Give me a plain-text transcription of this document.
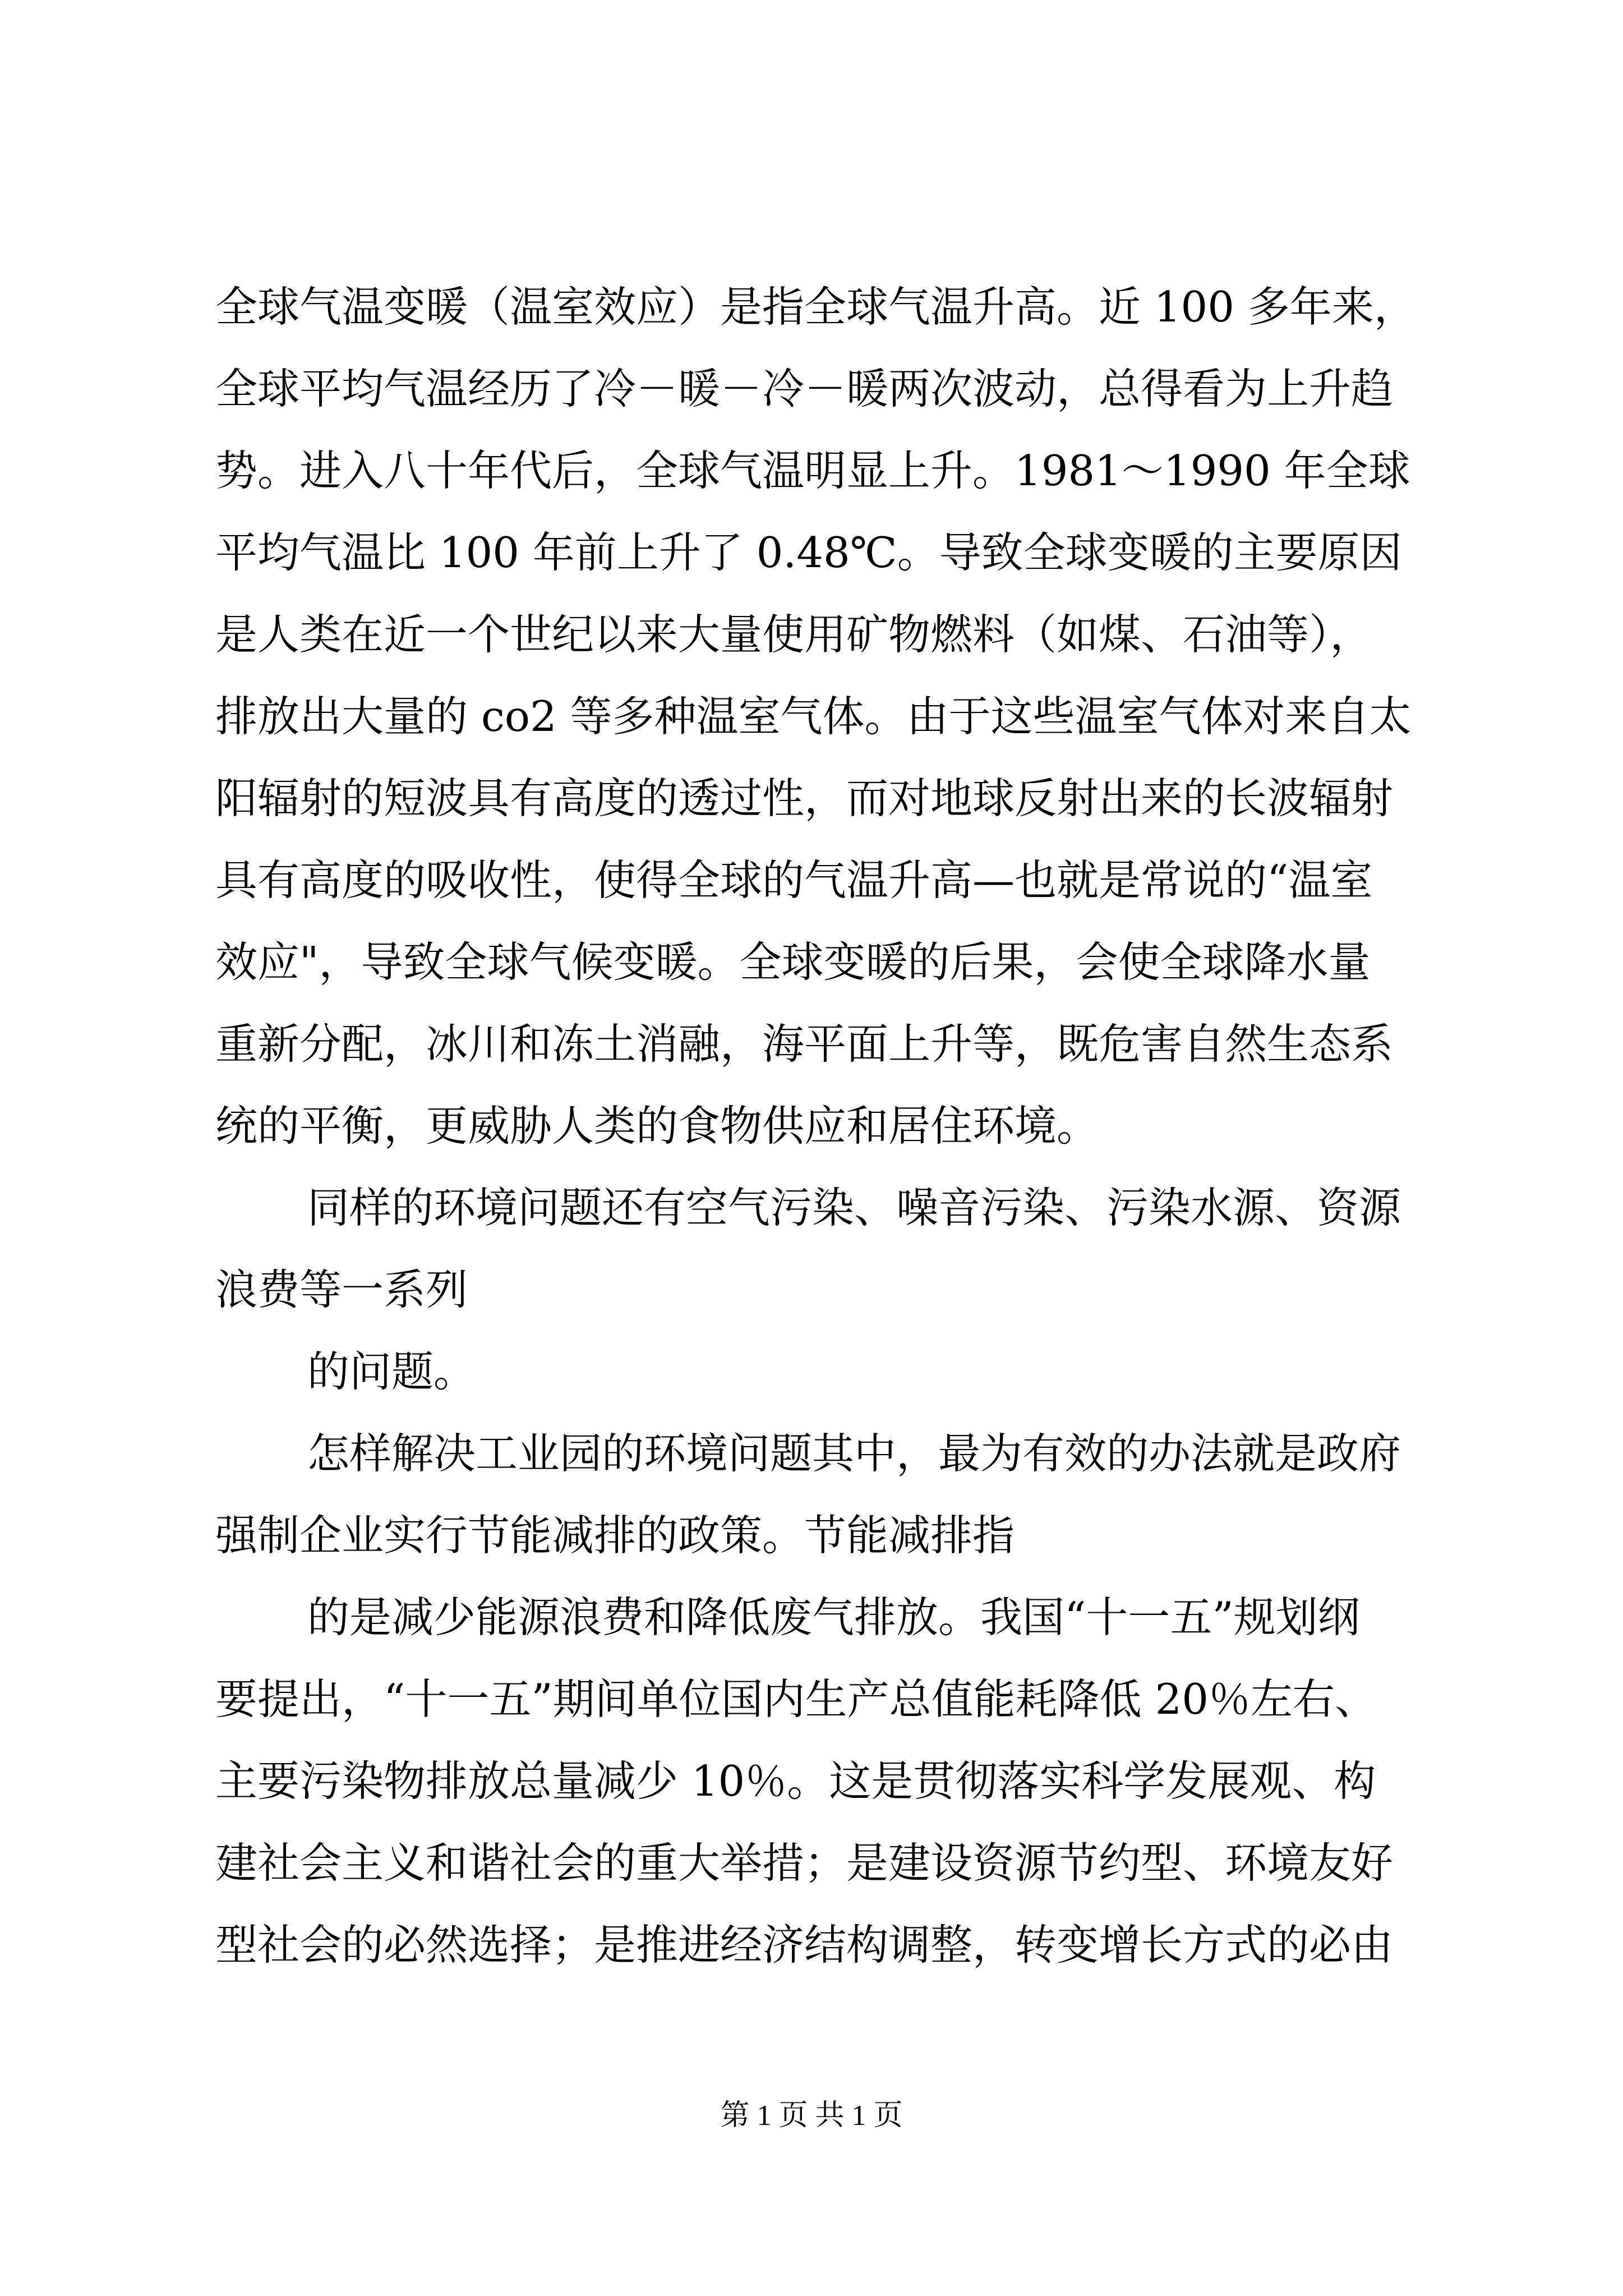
全球气温变暖（温室效应）是指全球气温升高。近 100 多年来，
全球平均气温经历了冷－暖－冷－暖两次波动，总得看为上升趋
势。进入八十年代后，全球气温明显上升。1981～1990 年全球
平均气温比 100 年前上升了 0.48℃。导致全球变暖的主要原因
是人类在近一个世纪以来大量使用矿物燃料（如煤、石油等），
排放出大量的 co2 等多种温室气体。由于这些温室气体对来自太
阳辐射的短波具有高度的透过性，而对地球反射出来的长波辐射
具有高度的吸收性，使得全球的气温升高—也就是常说的“温室
效应"，导致全球气候变暖。全球变暖的后果，会使全球降水量
重新分配，冰川和冻土消融，海平面上升等，既危害自然生态系
统的平衡，更威胁人类的食物供应和居住环境。
同样的环境问题还有空气污染、噪音污染、污染水源、资源
浪费等一系列
的问题。
怎样解决工业园的环境问题其中，最为有效的办法就是政府
强制企业实行节能减排的政策。节能减排指
的是减少能源浪费和降低废气排放。我国“十一五”规划纲
要提出，“十一五”期间单位国内生产总值能耗降低 20％左右、
主要污染物排放总量减少 10％。这是贯彻落实科学发展观、构
建社会主义和谐社会的重大举措；是建设资源节约型、环境友好
型社会的必然选择；是推进经济结构调整，转变增长方式的必由
第 1 页 共 1 页
